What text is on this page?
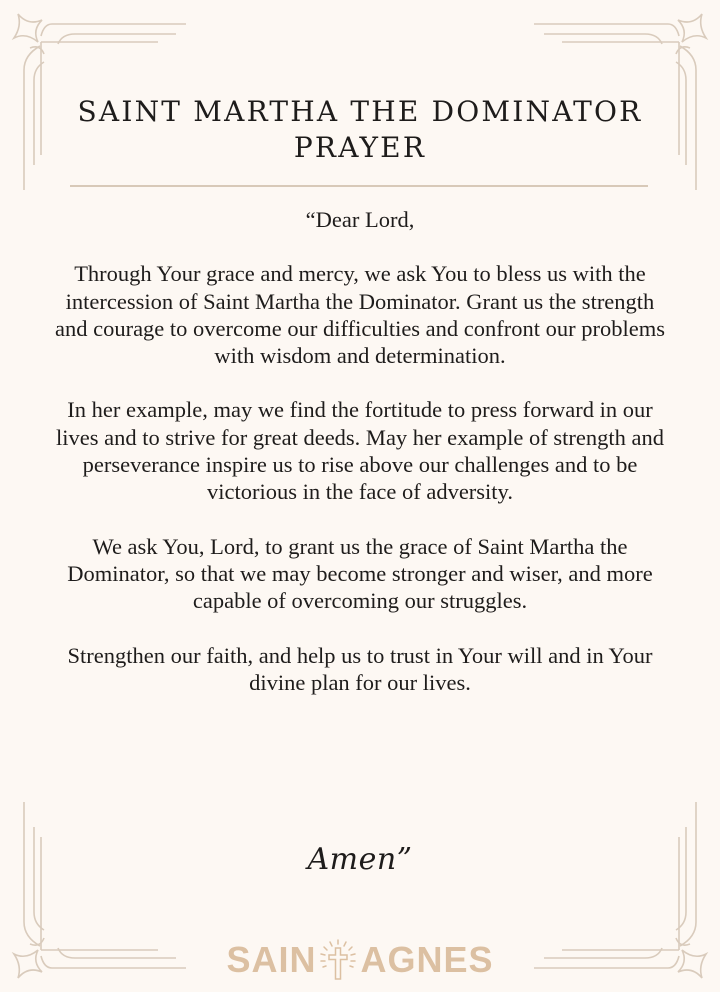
SAINT MARTHA THE DOMINATOR
PRAYER

“Dear Lord,

Through Your grace and mercy, we ask You to bless us with the intercession of Saint Martha the Dominator. Grant us the strength and courage to overcome our difficulties and confront our problems with wisdom and determination.

In her example, may we find the fortitude to press forward in our lives and to strive for great deeds. May her example of strength and perseverance inspire us to rise above our challenges and to be victorious in the face of adversity.

We ask You, Lord, to grant us the grace of Saint Martha the Dominator, so that we may become stronger and wiser, and more capable of overcoming our struggles.

Strengthen our faith, and help us to trust in Your will and in Your divine plan for our lives.

Amen”
SAIN AGNES
